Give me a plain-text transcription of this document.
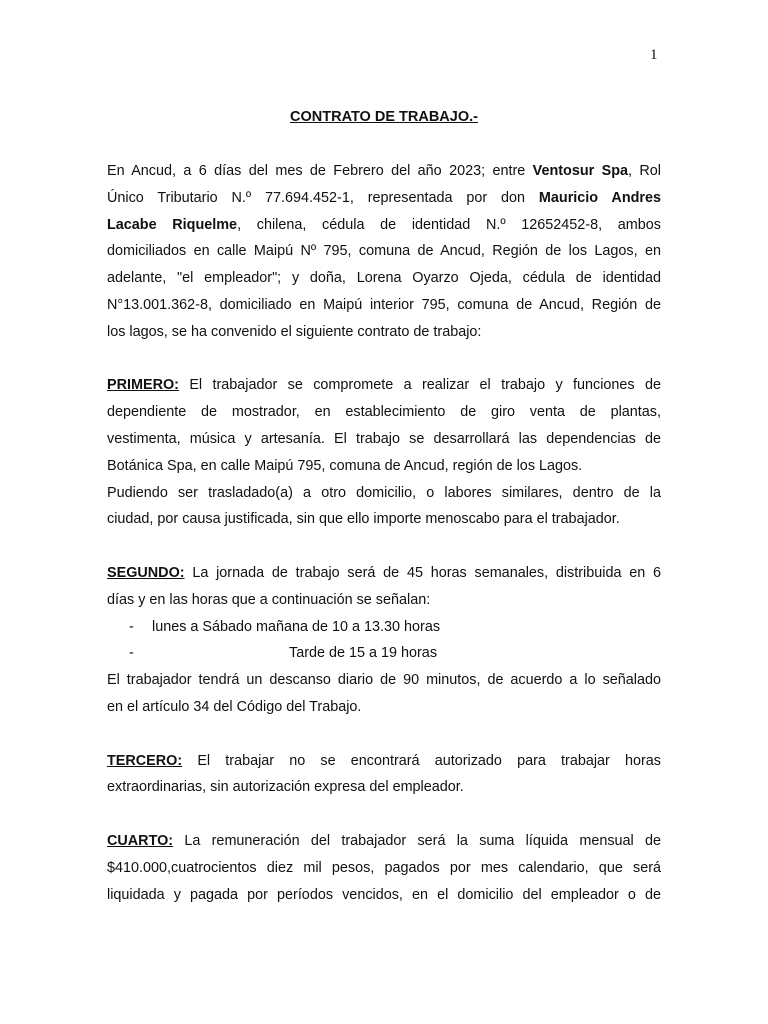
1
CONTRATO DE TRABAJO.-
En Ancud, a 6 días del mes de Febrero del año 2023; entre Ventosur Spa, Rol
Único Tributario N.º 77.694.452-1, representada por don Mauricio Andres
Lacabe Riquelme, chilena, cédula de identidad N.º 12652452-8, ambos
domiciliados en calle Maipú Nº 795, comuna de Ancud, Región de los Lagos, en
adelante, "el empleador"; y doña, Lorena Oyarzo Ojeda, cédula de identidad
N°13.001.362-8, domiciliado en Maipú interior 795, comuna de Ancud, Región de
los lagos, se ha convenido el siguiente contrato de trabajo:
PRIMERO: El trabajador se compromete a realizar el trabajo y funciones de
dependiente de mostrador, en establecimiento de giro venta de plantas,
vestimenta, música y artesanía. El trabajo se desarrollará las dependencias de
Botánica Spa, en calle Maipú 795, comuna de Ancud, región de los Lagos.
Pudiendo ser trasladado(a) a otro domicilio, o labores similares, dentro de la
ciudad, por causa justificada, sin que ello importe menoscabo para el trabajador.
SEGUNDO: La jornada de trabajo será de 45 horas semanales, distribuida en 6
días y en las horas que a continuación se señalan:
-	lunes a Sábado mañana de 10 a 13.30 horas
-	Tarde de 15 a 19 horas
El trabajador tendrá un descanso diario de 90 minutos, de acuerdo a lo señalado
en el artículo 34 del Código del Trabajo.
TERCERO: El trabajar no se encontrará autorizado para trabajar horas
extraordinarias, sin autorización expresa del empleador.
CUARTO: La remuneración del trabajador será la suma líquida mensual de
$410.000,cuatrocientos diez mil pesos, pagados por mes calendario, que será
liquidada y pagada por períodos vencidos, en el domicilio del empleador o de
